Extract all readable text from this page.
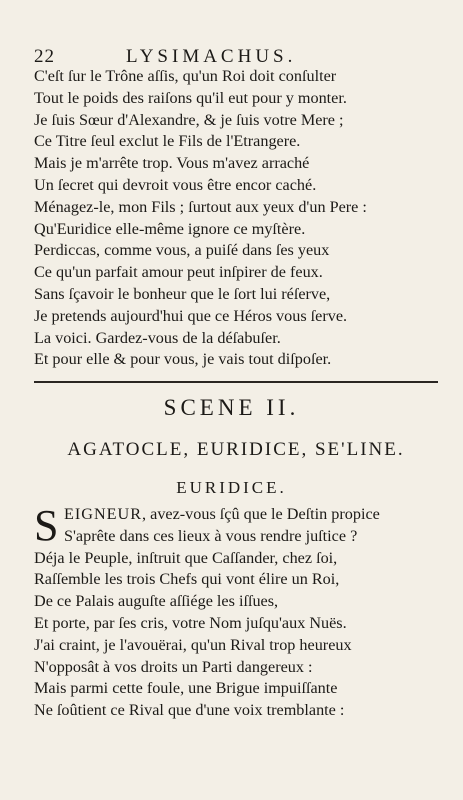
22	LYSIMACHUS.
C'eſt ſur le Trône aſſis, qu'un Roi doit conſulter
Tout le poids des raiſons qu'il eut pour y monter.
Je ſuis Sœur d'Alexandre, & je ſuis votre Mere ;
Ce Titre ſeul exclut le Fils de l'Etrangere.
Mais je m'arrête trop. Vous m'avez arraché
Un ſecret qui devroit vous être encor caché.
Ménagez-le, mon Fils ; ſurtout aux yeux d'un Pere :
Qu'Euridice elle-même ignore ce myſtère.
Perdiccas, comme vous, a puiſé dans ſes yeux
Ce qu'un parfait amour peut inſpirer de feux.
Sans ſçavoir le bonheur que le ſort lui réſerve,
Je pretends aujourd'hui que ce Héros vous ſerve.
La voici. Gardez-vous de la déſabuſer.
Et pour elle & pour vous, je vais tout diſpoſer.
SCENE II.
AGATOCLE, EURIDICE, SE'LINE.
EURIDICE.
S EIGNEUR, avez-vous ſçû que le Deſtin propice
S'aprête dans ces lieux à vous rendre juſtice ?
Déja le Peuple, inſtruit que Caſſander, chez ſoi,
Raſſemble les trois Chefs qui vont élire un Roi,
De ce Palais auguſte aſſiége les iſſues,
Et porte, par ſes cris, votre Nom juſqu'aux Nuës.
J'ai craint, je l'avouërai, qu'un Rival trop heureux
N'opposât à vos droits un Parti dangereux :
Mais parmi cette foule, une Brigue impuiſſante
Ne ſoûtient ce Rival que d'une voix tremblante :
